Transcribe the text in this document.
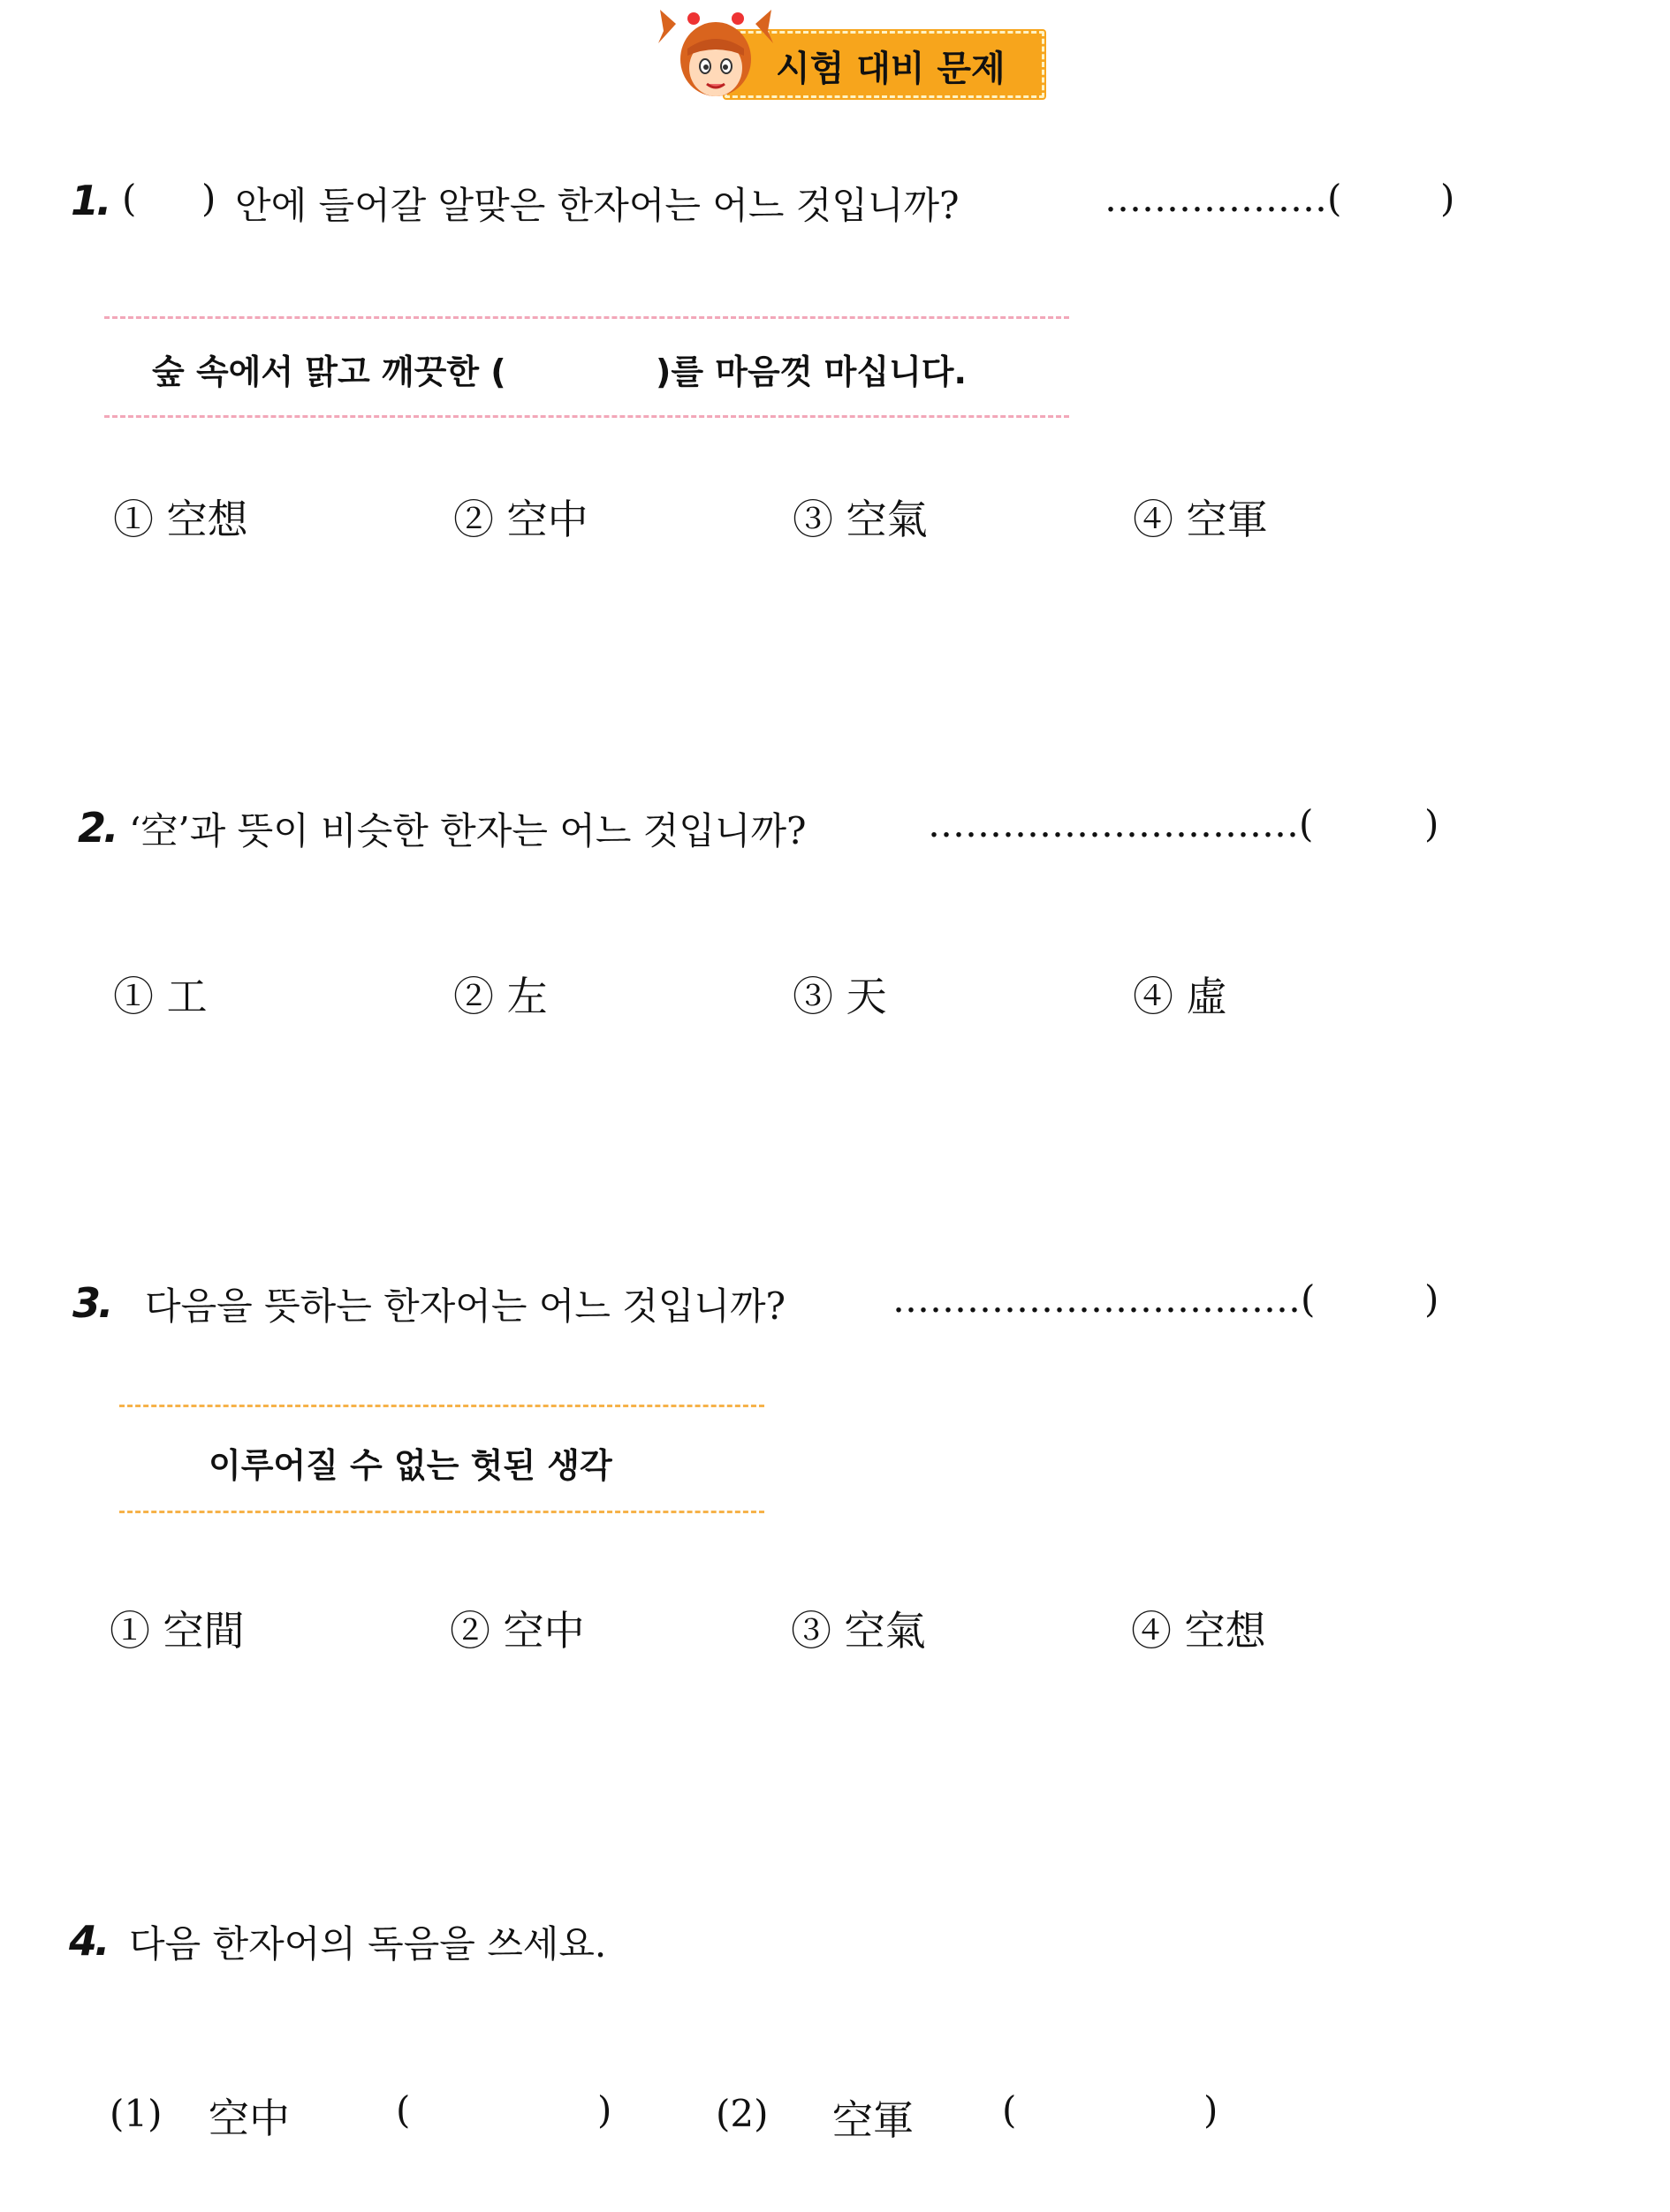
시험 대비 문제
1. ( ) 안에 들어갈 알맞은 한자어는 어느 것입니까?	………………(	)
숲 속에서 맑고 깨끗한 (	)를 마음껏 마십니다.
① 空想	② 空中	③ 空氣	④ 空軍
2. ‘空’과 뜻이 비슷한 한자는 어느 것입니까?	…………………………(	)
① 工	② 左	③ 天	④ 虛
3. 다음을 뜻하는 한자어는 어느 것입니까?	……………………………(	)
이루어질 수 없는 헛된 생각
① 空間	② 空中	③ 空氣	④ 空想
4. 다음 한자어의 독음을 쓰세요.
(1) 空中	(	)	(2) 空軍 (	)
